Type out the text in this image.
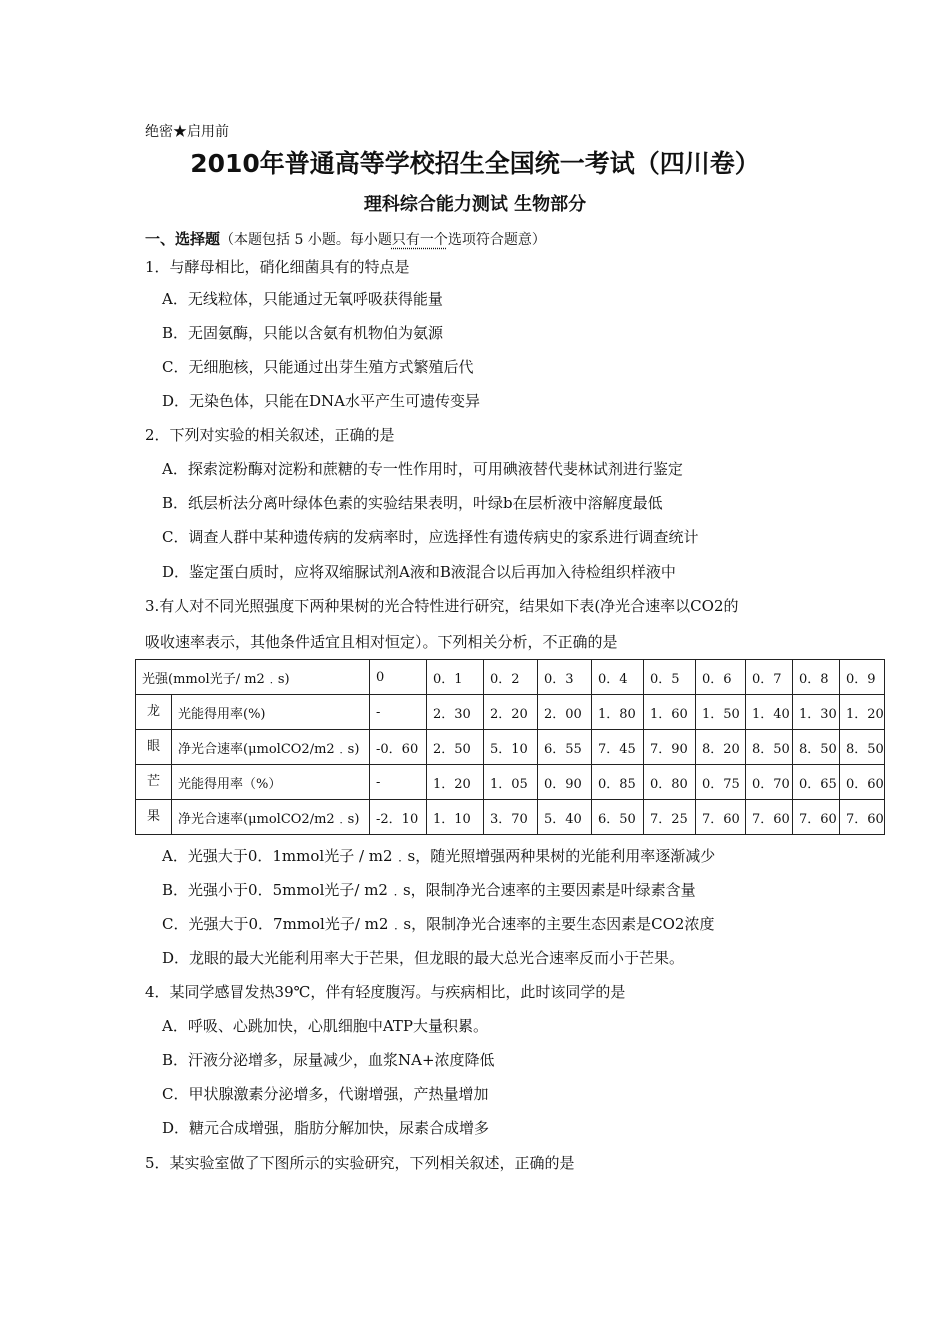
绝密★启用前
2010年普通高等学校招生全国统一考试（四川卷）
理科综合能力测试 生物部分
一、选择题（本题包括 5 小题。每小题只有一个选项符合题意）
1．与酵母相比，硝化细菌具有的特点是
A．无线粒体，只能通过无氧呼吸获得能量
B．无固氨酶，只能以含氨有机物伯为氨源
C．无细胞核，只能通过出芽生殖方式繁殖后代
D．无染色体，只能在DNA水平产生可遗传变异
2．下列对实验的相关叙述，正确的是
A．探索淀粉酶对淀粉和蔗糖的专一性作用时，可用碘液替代斐林试剂进行鉴定
B．纸层析法分离叶绿体色素的实验结果表明，叶绿b在层析液中溶解度最低
C．调查人群中某种遗传病的发病率时，应选择性有遗传病史的家系进行调查统计
D．鉴定蛋白质时，应将双缩脲试剂A液和B液混合以后再加入待检组织样液中
3.有人对不同光照强度下两种果树的光合特性进行研究，结果如下表(净光合速率以CO2的
吸收速率表示，其他条件适宜且相对恒定）。下列相关分析，不正确的是
光强(mmol光子/ m2﹒s)		0	0．1	0．2	0．3	0．4	0．5	0．6	0．7	0．8	0．9
龙	光能得用率(%)	-	2．30	2．20	2．00	1．80	1．60	1．50	1．40	1．30	1．20
眼	净光合速率(μmolCO2/m2﹒s)	-0．60	2．50	5．10	6．55	7．45	7．90	8．20	8．50	8．50	8．50
芒	光能得用率（%）	-	1．20	1．05	0．90	0．85	0．80	0．75	0．70	0．65	0．60
果	净光合速率(μmolCO2/m2﹒s)	-2．10	1．10	3．70	5．40	6．50	7．25	7．60	7．60	7．60	7．60
A．光强大于0．1mmol光子 / m2﹒s，随光照增强两种果树的光能利用率逐渐减少
B．光强小于0．5mmol光子/ m2﹒s，限制净光合速率的主要因素是叶绿素含量
C．光强大于0．7mmol光子/ m2﹒s，限制净光合速率的主要生态因素是CO2浓度
D．龙眼的最大光能利用率大于芒果，但龙眼的最大总光合速率反而小于芒果。
4．某同学感冒发热39℃，伴有轻度腹泻。与疾病相比，此时该同学的是
A．呼吸、心跳加快，心肌细胞中ATP大量积累。
B．汗液分泌增多，尿量减少，血浆NA+浓度降低
C．甲状腺激素分泌增多，代谢增强，产热量增加
D．糖元合成增强，脂肪分解加快，尿素合成增多
5．某实验室做了下图所示的实验研究，下列相关叙述，正确的是
